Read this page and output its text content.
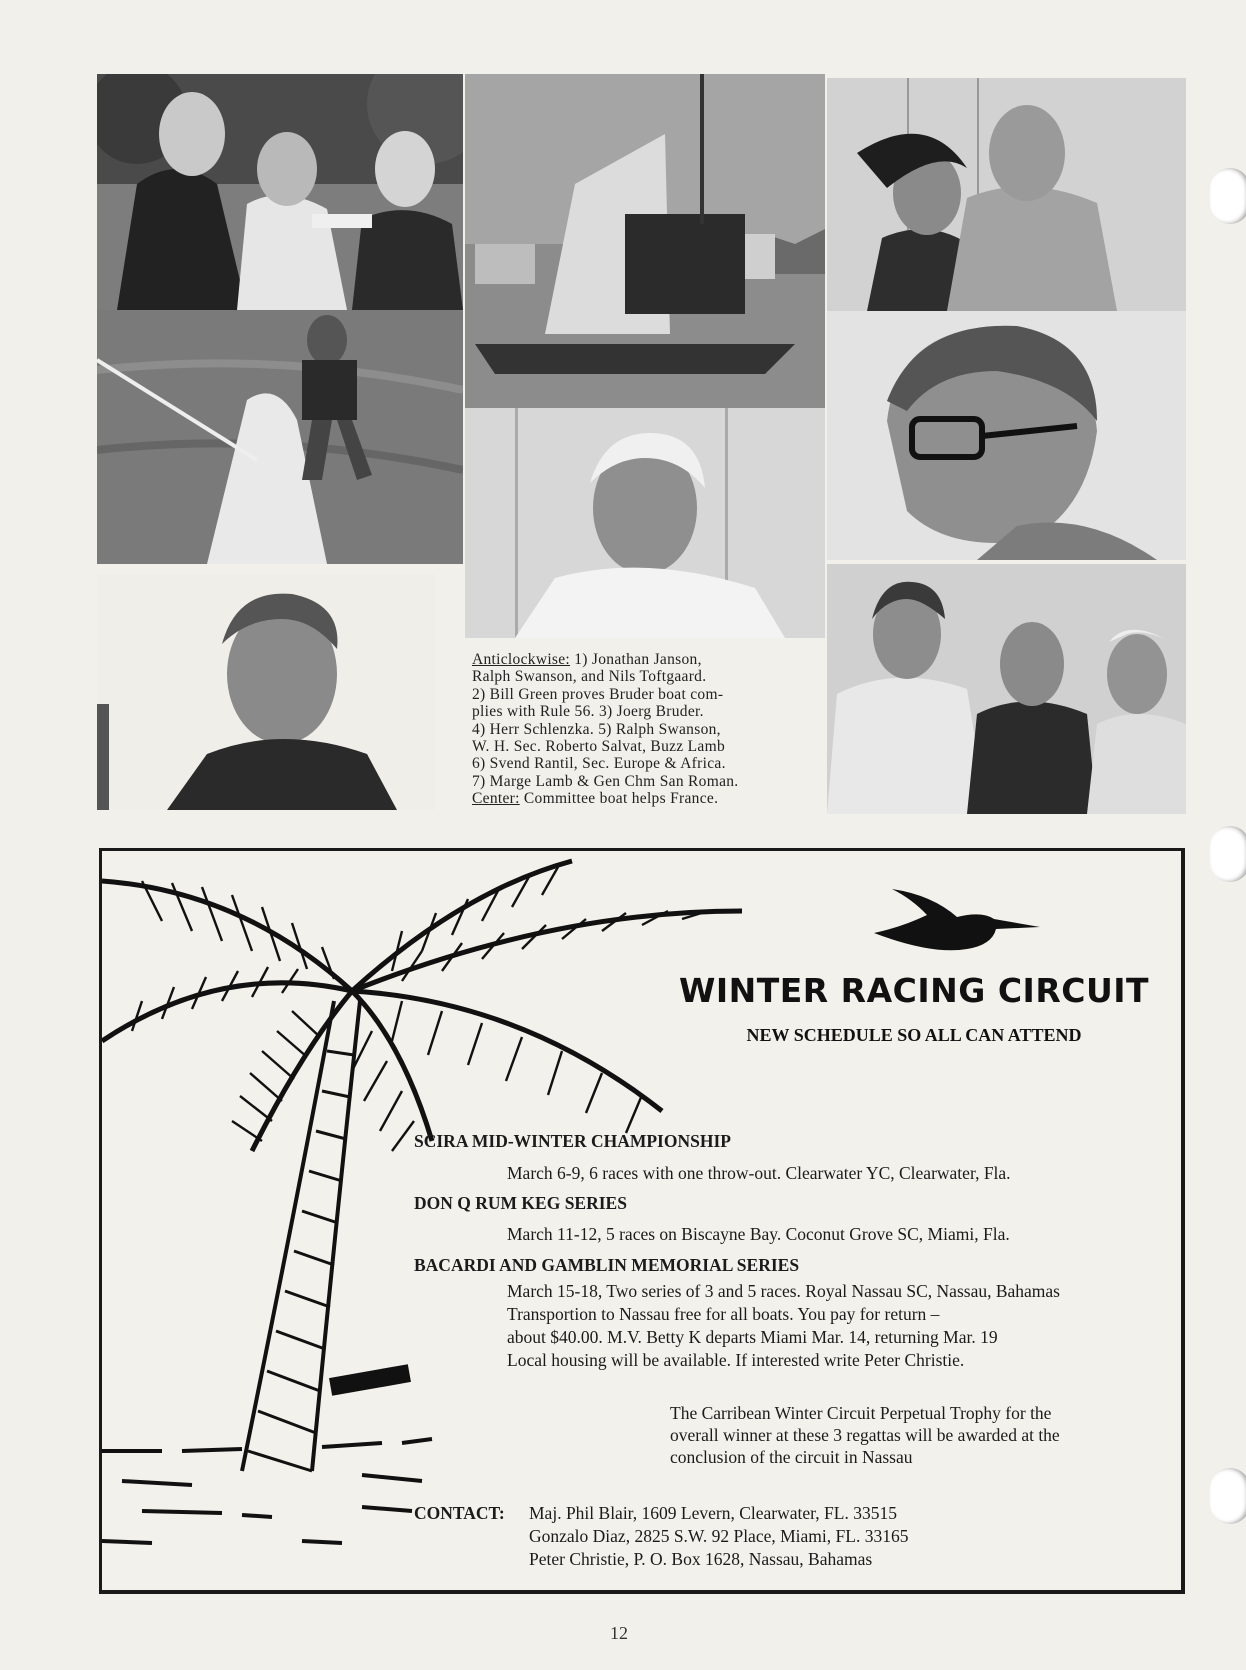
Anticlockwise: 1) Jonathan Janson,
Ralph Swanson, and Nils Toftgaard.
2) Bill Green proves Bruder boat com-
plies with Rule 56. 3) Joerg Bruder.
4) Herr Schlenzka. 5) Ralph Swanson,
W. H. Sec. Roberto Salvat, Buzz Lamb
6) Svend Rantil, Sec. Europe & Africa.
7) Marge Lamb & Gen Chm San Roman.
Center: Committee boat helps France.
WINTER RACING CIRCUIT
NEW SCHEDULE SO ALL CAN ATTEND
SCIRA MID-WINTER CHAMPIONSHIP
March 6-9, 6 races with one throw-out. Clearwater YC, Clearwater, Fla.
DON Q RUM KEG SERIES
March 11-12, 5 races on Biscayne Bay. Coconut Grove SC, Miami, Fla.
BACARDI AND GAMBLIN MEMORIAL SERIES
March 15-18, Two series of 3 and 5 races. Royal Nassau SC, Nassau, Bahamas
Transportion to Nassau free for all boats. You pay for return –
about $40.00. M.V. Betty K departs Miami Mar. 14, returning Mar. 19
Local housing will be available. If interested write Peter Christie.
The Carribean Winter Circuit Perpetual Trophy for the
overall winner at these 3 regattas will be awarded at the
conclusion of the circuit in Nassau
CONTACT: Maj. Phil Blair, 1609 Levern, Clearwater, FL. 33515
Gonzalo Diaz, 2825 S.W. 92 Place, Miami, FL. 33165
Peter Christie, P. O. Box 1628, Nassau, Bahamas
12
